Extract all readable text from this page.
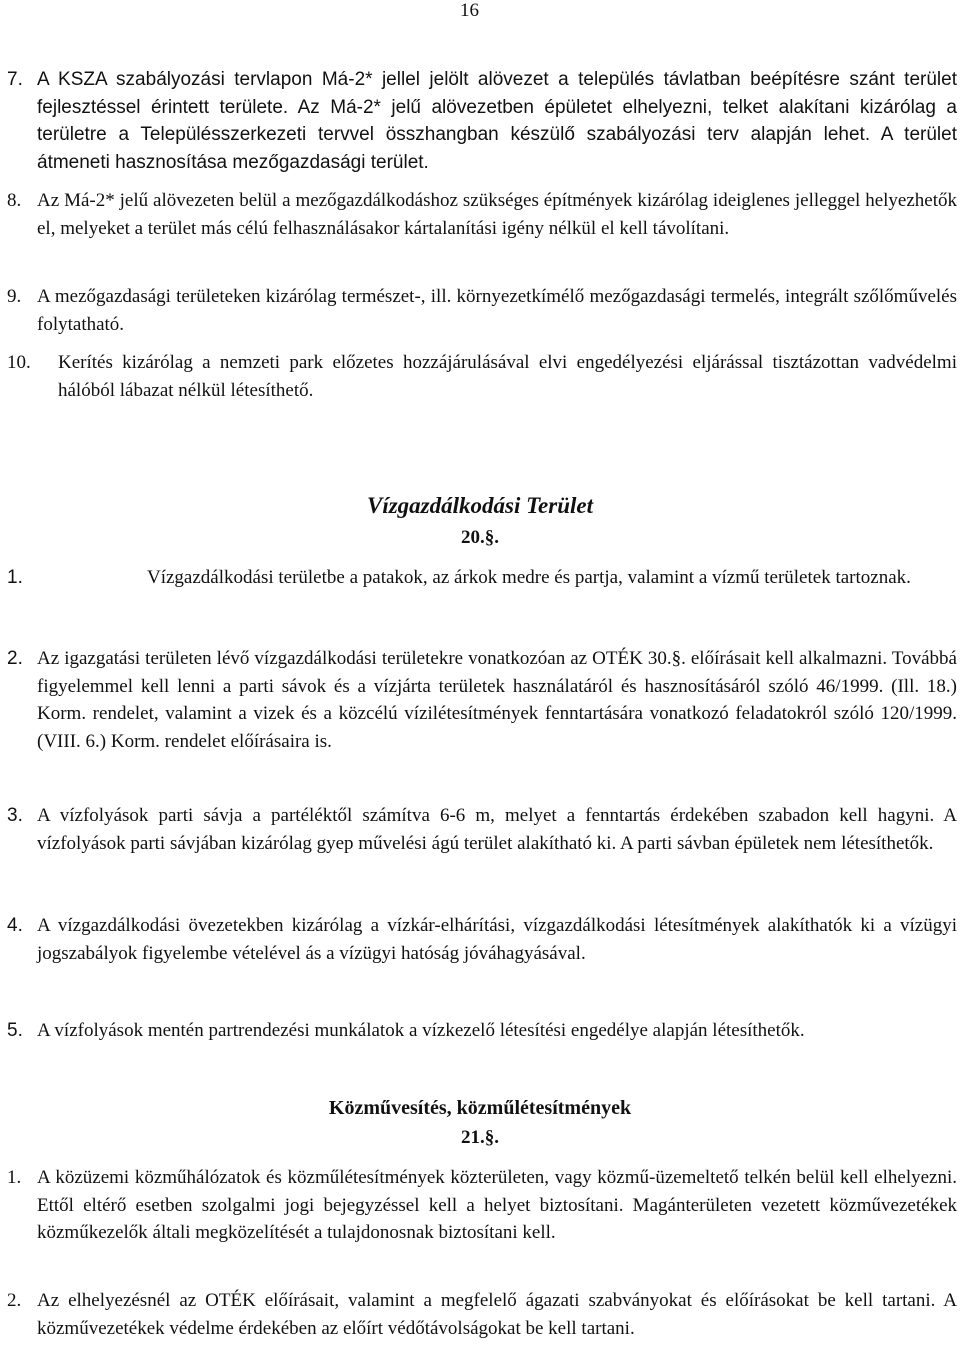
16
7. A KSZA szabályozási tervlapon Má-2* jellel jelölt alövezet a település távlatban beépítésre szánt terület fejlesztéssel érintett területe. Az Má-2* jelű alövezetben épületet elhelyezni, telket alakítani kizárólag a területre a Településszerkezeti tervvel összhangban készülő szabályozási terv alapján lehet. A terület átmeneti hasznosítása mezőgazdasági terület.
8. Az Má-2* jelű alövezeten belül a mezőgazdálkodáshoz szükséges építmények kizárólag ideiglenes jelleggel helyezhetők el, melyeket a terület más célú felhasználásakor kártalanítási igény nélkül el kell távolítani.
9. A mezőgazdasági területeken kizárólag természet-, ill. környezetkímélő mezőgazdasági termelés, integrált szőlőművelés folytatható.
10. Kerítés kizárólag a nemzeti park előzetes hozzájárulásával elvi engedélyezési eljárással tisztázottan vadvédelmi hálóból lábazat nélkül létesíthető.
Vízgazdálkodási Terület
20.§.
1.	Vízgazdálkodási területbe a patakok, az árkok medre és partja, valamint a vízmű területek tartoznak.
2. Az igazgatási területen lévő vízgazdálkodási területekre vonatkozóan az OTÉK 30.§. előírásait kell alkalmazni. Továbbá figyelemmel kell lenni a parti sávok és a vízjárta területek használatáról és hasznosításáról szóló 46/1999. (Ill. 18.) Korm. rendelet, valamint a vizek és a közcélú vízilétesítmények fenntartására vonatkozó feladatokról szóló 120/1999. (VIII. 6.) Korm. rendelet előírásaira is.
3. A vízfolyások parti sávja a partéléktől számítva 6-6 m, melyet a fenntartás érdekében szabadon kell hagyni. A vízfolyások parti sávjában kizárólag gyep művelési ágú terület alakítható ki. A parti sávban épületek nem létesíthetők.
4. A vízgazdálkodási övezetekben kizárólag a vízkár-elhárítási, vízgazdálkodási létesítmények alakíthatók ki a vízügyi jogszabályok figyelembe vételével ás a vízügyi hatóság jóváhagyásával.
5. A vízfolyások mentén partrendezési munkálatok a vízkezelő létesítési engedélye alapján létesíthetők.
Közművesítés, közműlétesítmények
21.§.
1. A közüzemi közműhálózatok és közműlétesítmények közterületen, vagy közmű-üzemeltető telkén belül kell elhelyezni. Ettől eltérő esetben szolgalmi jogi bejegyzéssel kell a helyet biztosítani. Magánterületen vezetett közművezetékek közműkezelők általi megközelítését a tulajdonosnak biztosítani kell.
2. Az elhelyezésnél az OTÉK előírásait, valamint a megfelelő ágazati szabványokat és előírásokat be kell tartani. A közművezetékek védelme érdekében az előírt védőtávolságokat be kell tartani.
